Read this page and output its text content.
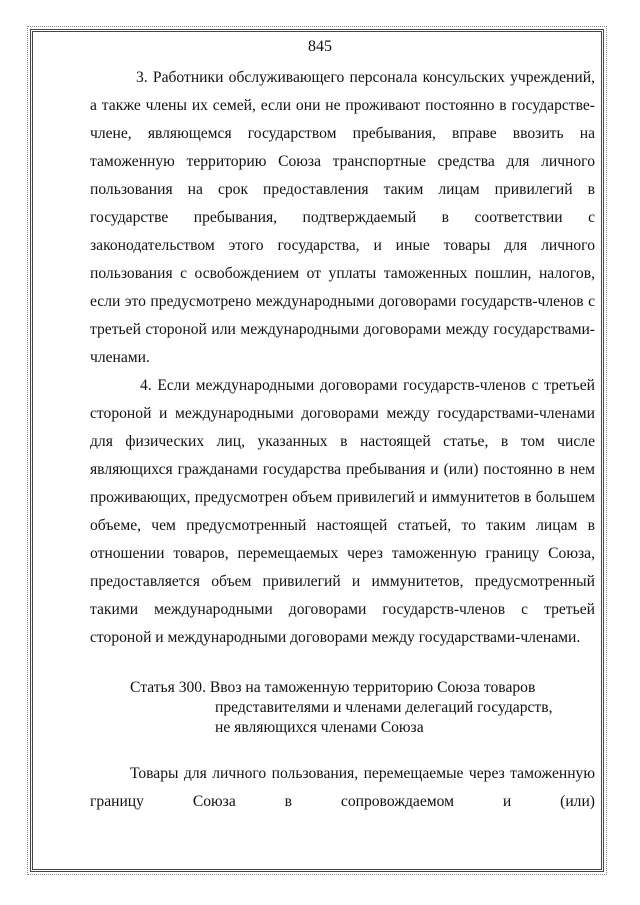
845

3. Работники обслуживающего персонала консульских учреждений, а также члены их семей, если они не проживают постоянно в государстве-члене, являющемся государством пребывания, вправе ввозить на таможенную территорию Союза транспортные средства для личного пользования на срок предоставления таким лицам привилегий в государстве пребывания, подтверждаемый в соответствии с законодательством этого государства, и иные товары для личного пользования с освобождением от уплаты таможенных пошлин, налогов, если это предусмотрено международными договорами государств-членов с третьей стороной или международными договорами между государствами-членами.

4. Если международными договорами государств-членов с третьей стороной и международными договорами между государствами-членами для физических лиц, указанных в настоящей статье, в том числе являющихся гражданами государства пребывания и (или) постоянно в нем проживающих, предусмотрен объем привилегий и иммунитетов в большем объеме, чем предусмотренный настоящей статьей, то таким лицам в отношении товаров, перемещаемых через таможенную границу Союза, предоставляется объем привилегий и иммунитетов, предусмотренный такими международными договорами государств-членов с третьей стороной и международными договорами между государствами-членами.

Статья 300. Ввоз на таможенную территорию Союза товаров
представителями и членами делегаций государств,
не являющихся членами Союза

Товары для личного пользования, перемещаемые через таможенную границу Союза в сопровождаемом и (или)
